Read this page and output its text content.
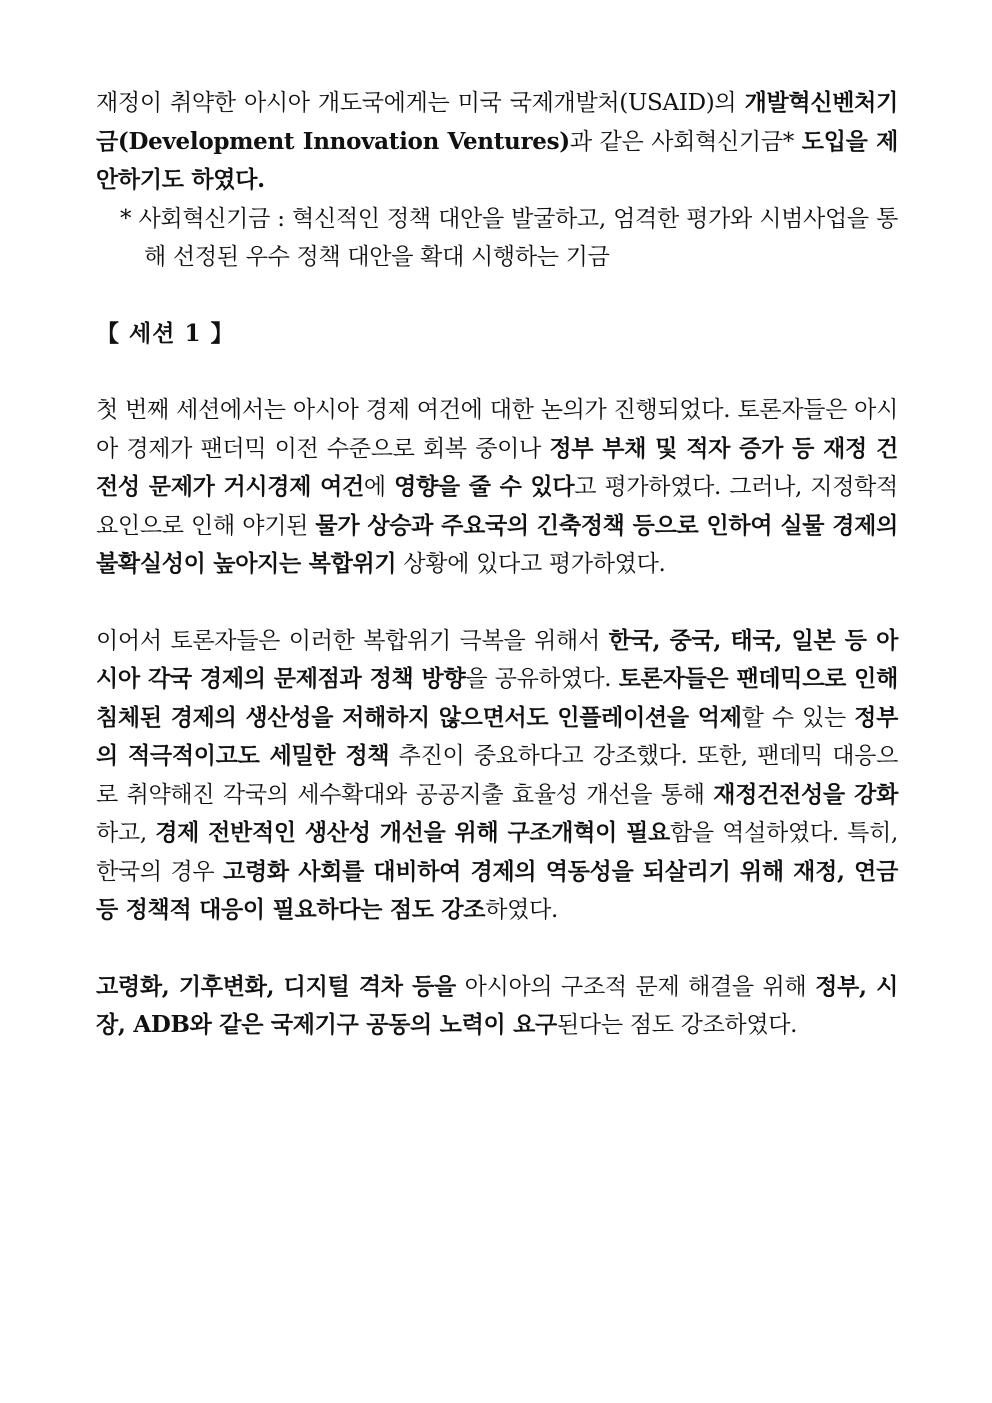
재정이 취약한 아시아 개도국에게는 미국 국제개발처(USAID)의 개발혁신벤처기금(Development Innovation Ventures)과 같은 사회혁신기금* 도입을 제안하기도 하였다.

* 사회혁신기금 : 혁신적인 정책 대안을 발굴하고, 엄격한 평가와 시범사업을 통해 선정된 우수 정책 대안을 확대 시행하는 기금

【 세션 1 】

첫 번째 세션에서는 아시아 경제 여건에 대한 논의가 진행되었다. 토론자들은 아시아 경제가 팬더믹 이전 수준으로 회복 중이나 정부 부채 및 적자 증가 등 재정 건전성 문제가 거시경제 여건에 영향을 줄 수 있다고 평가하였다. 그러나, 지정학적 요인으로 인해 야기된 물가 상승과 주요국의 긴축정책 등으로 인하여 실물 경제의 불확실성이 높아지는 복합위기 상황에 있다고 평가하였다.

이어서 토론자들은 이러한 복합위기 극복을 위해서 한국, 중국, 태국, 일본 등 아시아 각국 경제의 문제점과 정책 방향을 공유하였다. 토론자들은 팬데믹으로 인해 침체된 경제의 생산성을 저해하지 않으면서도 인플레이션을 억제할 수 있는 정부의 적극적이고도 세밀한 정책 추진이 중요하다고 강조했다. 또한, 팬데믹 대응으로 취약해진 각국의 세수확대와 공공지출 효율성 개선을 통해 재정건전성을 강화하고, 경제 전반적인 생산성 개선을 위해 구조개혁이 필요함을 역설하였다. 특히, 한국의 경우 고령화 사회를 대비하여 경제의 역동성을 되살리기 위해 재정, 연금 등 정책적 대응이 필요하다는 점도 강조하였다.

고령화, 기후변화, 디지털 격차 등을 아시아의 구조적 문제 해결을 위해 정부, 시장, ADB와 같은 국제기구 공동의 노력이 요구된다는 점도 강조하였다.
